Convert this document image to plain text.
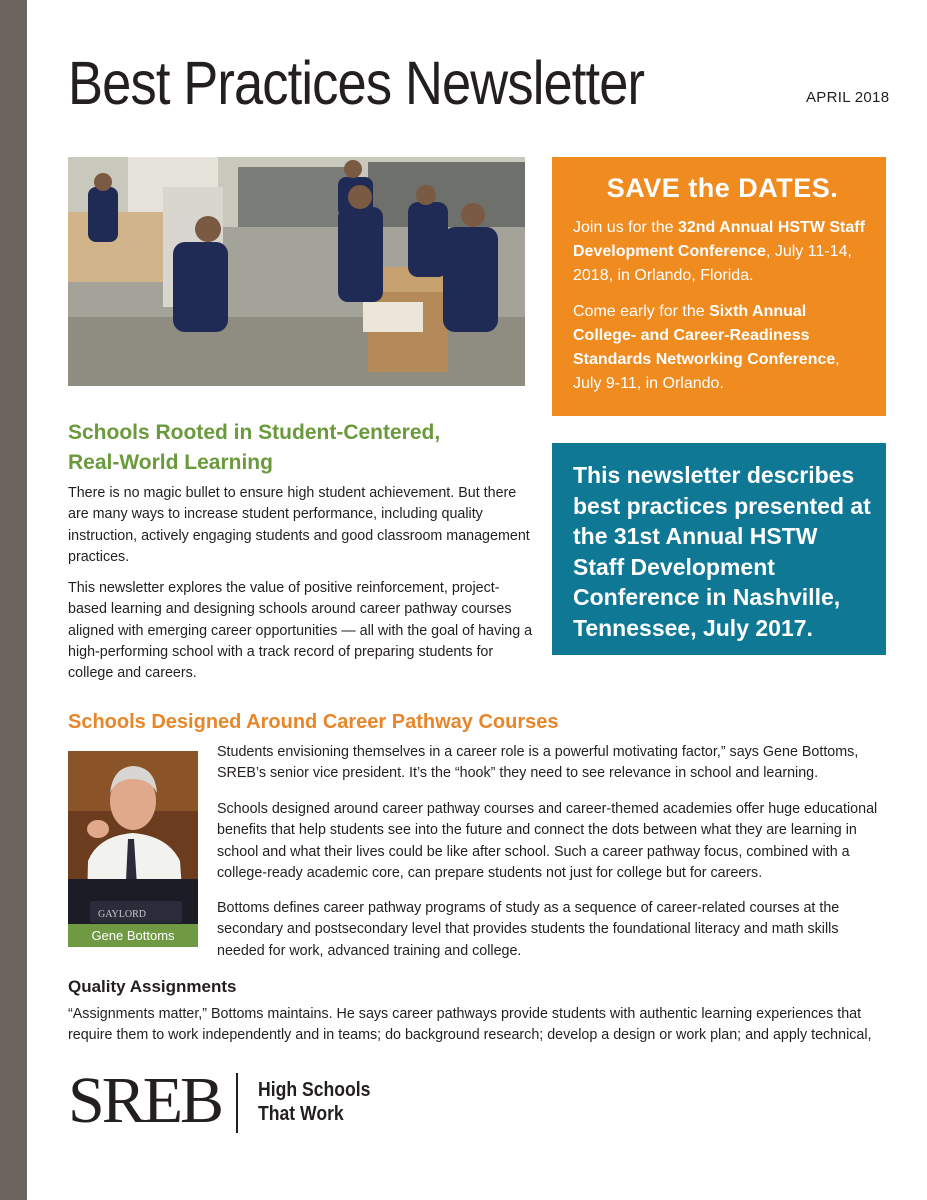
Best Practices Newsletter	APRIL 2018
SAVE the DATES.

Join us for the 32nd Annual HSTW Staff Development Conference, July 11-14, 2018, in Orlando, Florida.

Come early for the Sixth Annual College- and Career-Readiness Standards Networking Conference, July 9-11, in Orlando.

This newsletter describes best practices presented at the 31st Annual HSTW Staff Development Conference in Nashville, Tennessee, July 2017.
Schools Rooted in Student-Centered,
Real-World Learning

There is no magic bullet to ensure high student achievement. But there are many ways to increase student performance, including quality instruction, actively engaging students and good classroom management practices.

This newsletter explores the value of positive reinforcement, project-based learning and designing schools around career pathway courses aligned with emerging career opportunities — all with the goal of having a high-performing school with a track record of preparing students for college and careers.

Schools Designed Around Career Pathway Courses
GAYLORD
Gene Bottoms

Students envisioning themselves in a career role is a powerful motivating factor,” says Gene Bottoms, SREB’s senior vice president. It’s the “hook” they need to see relevance in school and learning.

Schools designed around career pathway courses and career-themed academies offer huge educational benefits that help students see into the future and connect the dots between what they are learning in school and what their lives could be like after school. Such a career pathway focus, combined with a college-ready academic core, can prepare students not just for college but for careers.

Bottoms defines career pathway programs of study as a sequence of career-related courses at the secondary and postsecondary level that provides students the foundational literacy and math skills needed for work, advanced training and college.

Quality Assignments

“Assignments matter,” Bottoms maintains. He says career pathways provide students with authentic learning experiences that
require them to work independently and in teams; do background research; develop a design or work plan; and apply technical,

SREB High Schools
That Work
